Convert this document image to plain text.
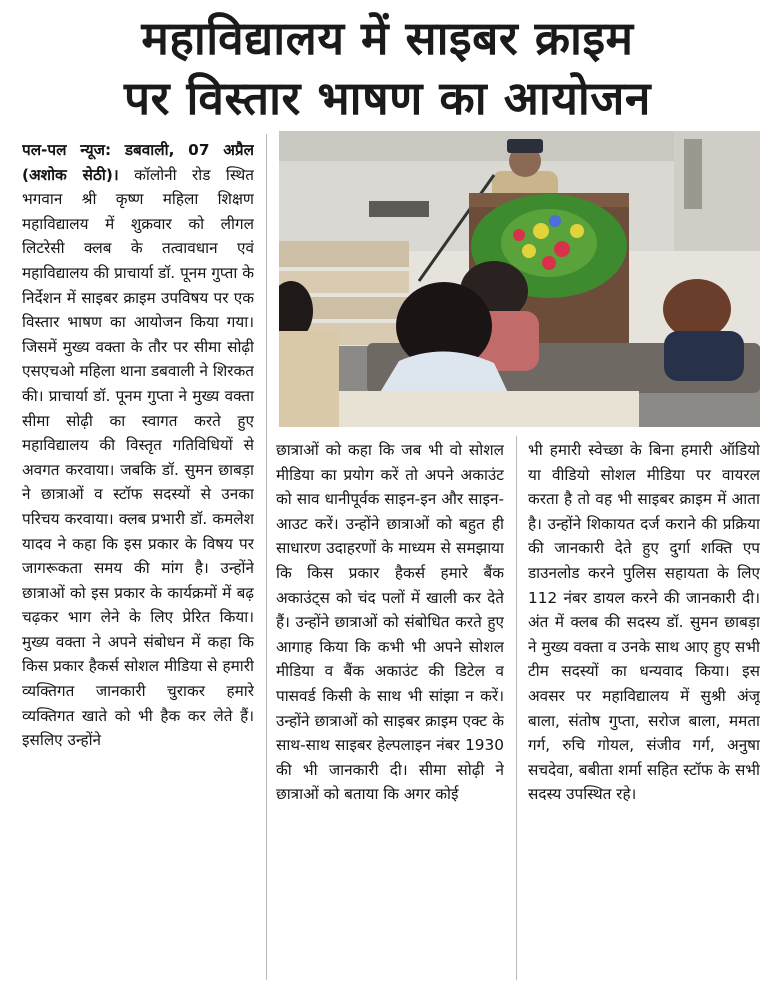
महाविद्यालय में साइबर क्राइम
पर विस्तार भाषण का आयोजन

पल-पल न्यूज: डबवाली, 07 अप्रैल (अशोक सेठी)। कॉलोनी रोड स्थित भगवान श्री कृष्ण महिला शिक्षण महाविद्यालय में शुक्रवार को लीगल लिटरेसी क्लब के तत्वावधान एवं महाविद्यालय की प्राचार्या डॉ. पूनम गुप्ता के निर्देशन में साइबर क्राइम उपविषय पर एक विस्तार भाषण का आयोजन किया गया। जिसमें मुख्य वक्ता के तौर पर सीमा सोढ़ी एसएचओ महिला थाना डबवाली ने शिरकत की। प्राचार्या डॉ. पूनम गुप्ता ने मुख्य वक्ता सीमा सोढ़ी का स्वागत करते हुए महाविद्यालय की विस्तृत गतिविधियों से अवगत करवाया। जबकि डॉ. सुमन छाबड़ा ने छात्राओं व स्टॉफ सदस्यों से उनका परिचय करवाया। क्लब प्रभारी डॉ. कमलेश यादव ने कहा कि इस प्रकार के विषय पर जागरूकता समय की मांग है। उन्होंने छात्राओं को इस प्रकार के कार्यक्रमों में बढ़ चढ़कर भाग लेने के लिए प्रेरित किया। मुख्य वक्ता ने अपने संबोधन में कहा कि किस प्रकार हैकर्स सोशल मीडिया से हमारी व्यक्तिगत जानकारी चुराकर हमारे व्यक्तिगत खाते को भी हैक कर लेते हैं। इसलिए उन्होंने

छात्राओं को कहा कि जब भी वो सोशल मीडिया का प्रयोग करें तो अपने अकाउंट को साव धानीपूर्वक साइन-इन और साइन-आउट करें। उन्होंने छात्राओं को बहुत ही साधारण उदाहरणों के माध्यम से समझाया कि किस प्रकार हैकर्स हमारे बैंक अकाउंट्स को चंद पलों में खाली कर देते हैं। उन्होंने छात्राओं को संबोधित करते हुए आगाह किया कि कभी भी अपने सोशल मीडिया व बैंक अकाउंट की डिटेल व पासवर्ड किसी के साथ भी सांझा न करें। उन्होंने छात्राओं को साइबर क्राइम एक्ट के साथ-साथ साइबर हेल्पलाइन नंबर 1930 की भी जानकारी दी। सीमा सोढ़ी ने छात्राओं को बताया कि अगर कोई

भी हमारी स्वेच्छा के बिना हमारी ऑडियो या वीडियो सोशल मीडिया पर वायरल करता है तो वह भी साइबर क्राइम में आता है। उन्होंने शिकायत दर्ज कराने की प्रक्रिया की जानकारी देते हुए दुर्गा शक्ति एप डाउनलोड करने पुलिस सहायता के लिए 112 नंबर डायल करने की जानकारी दी। अंत में क्लब की सदस्य डॉ. सुमन छाबड़ा ने मुख्य वक्ता व उनके साथ आए हुए सभी टीम सदस्यों का धन्यवाद किया। इस अवसर पर महाविद्यालय में सुश्री अंजू बाला, संतोष गुप्ता, सरोज बाला, ममता गर्ग, रुचि गोयल, संजीव गर्ग, अनुषा सचदेवा, बबीता शर्मा सहित स्टॉफ के सभी सदस्य उपस्थित रहे।
